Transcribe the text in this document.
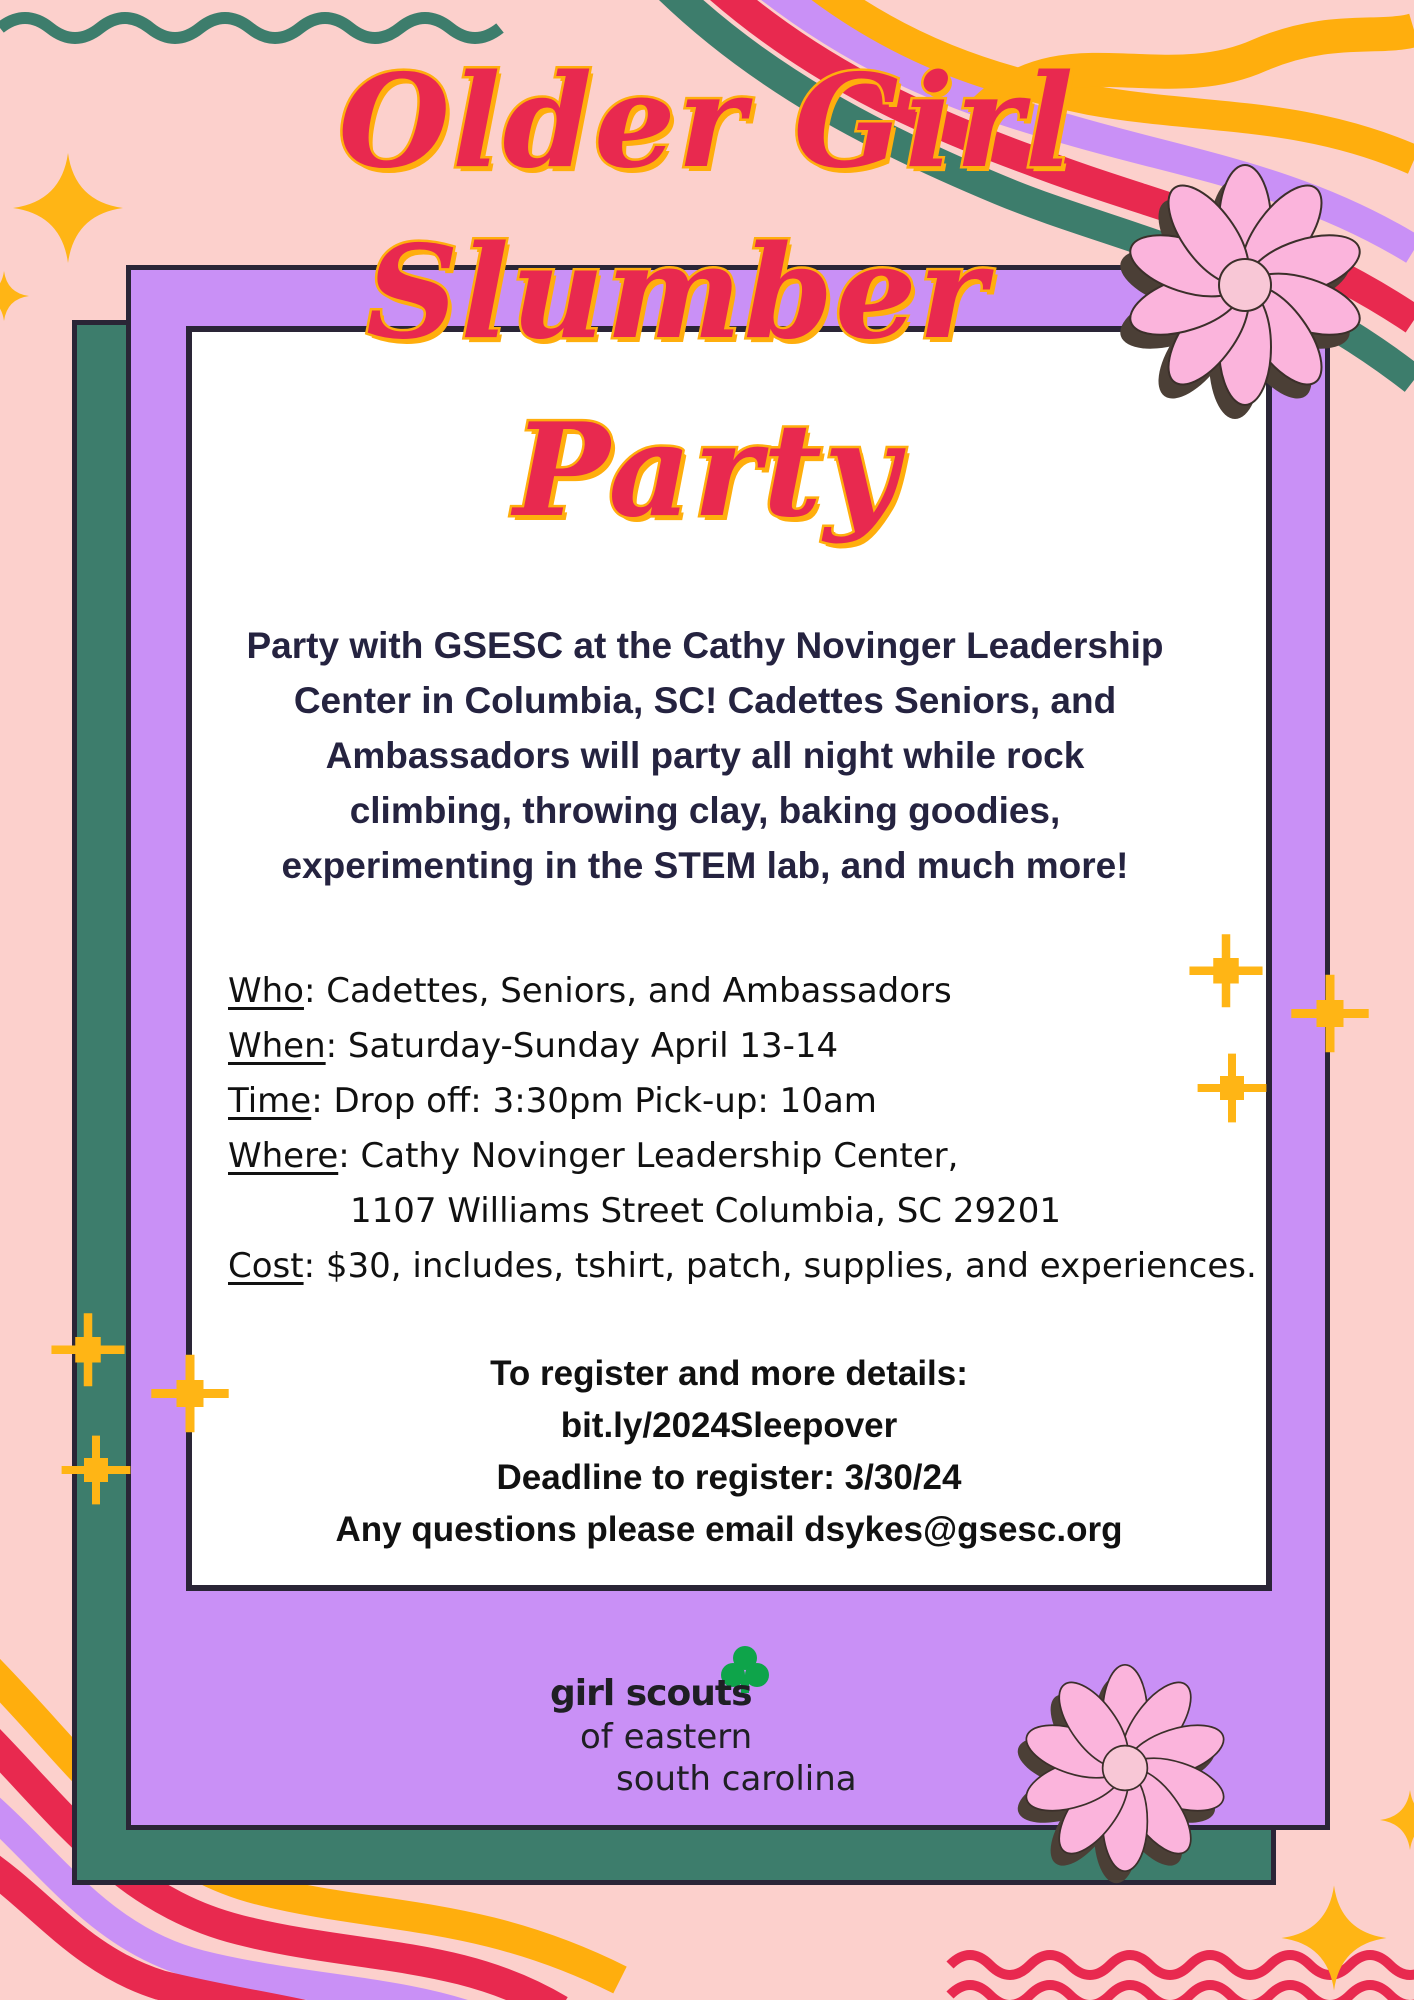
Older Girl
Slumber
Party

Party with GSESC at the Cathy Novinger Leadership Center in Columbia, SC! Cadettes Seniors, and Ambassadors will party all night while rock climbing, throwing clay, baking goodies, experimenting in the STEM lab, and much more!

Who: Cadettes, Seniors, and Ambassadors
When: Saturday-Sunday April 13-14
Time: Drop off: 3:30pm Pick-up: 10am
Where: Cathy Novinger Leadership Center,
1107 Williams Street Columbia, SC 29201
Cost: $30, includes, tshirt, patch, supplies, and experiences.
To register and more details:
bit.ly/2024Sleepover
Deadline to register: 3/30/24
Any questions please email dsykes@gsesc.org
girl scouts
of eastern
south carolina
